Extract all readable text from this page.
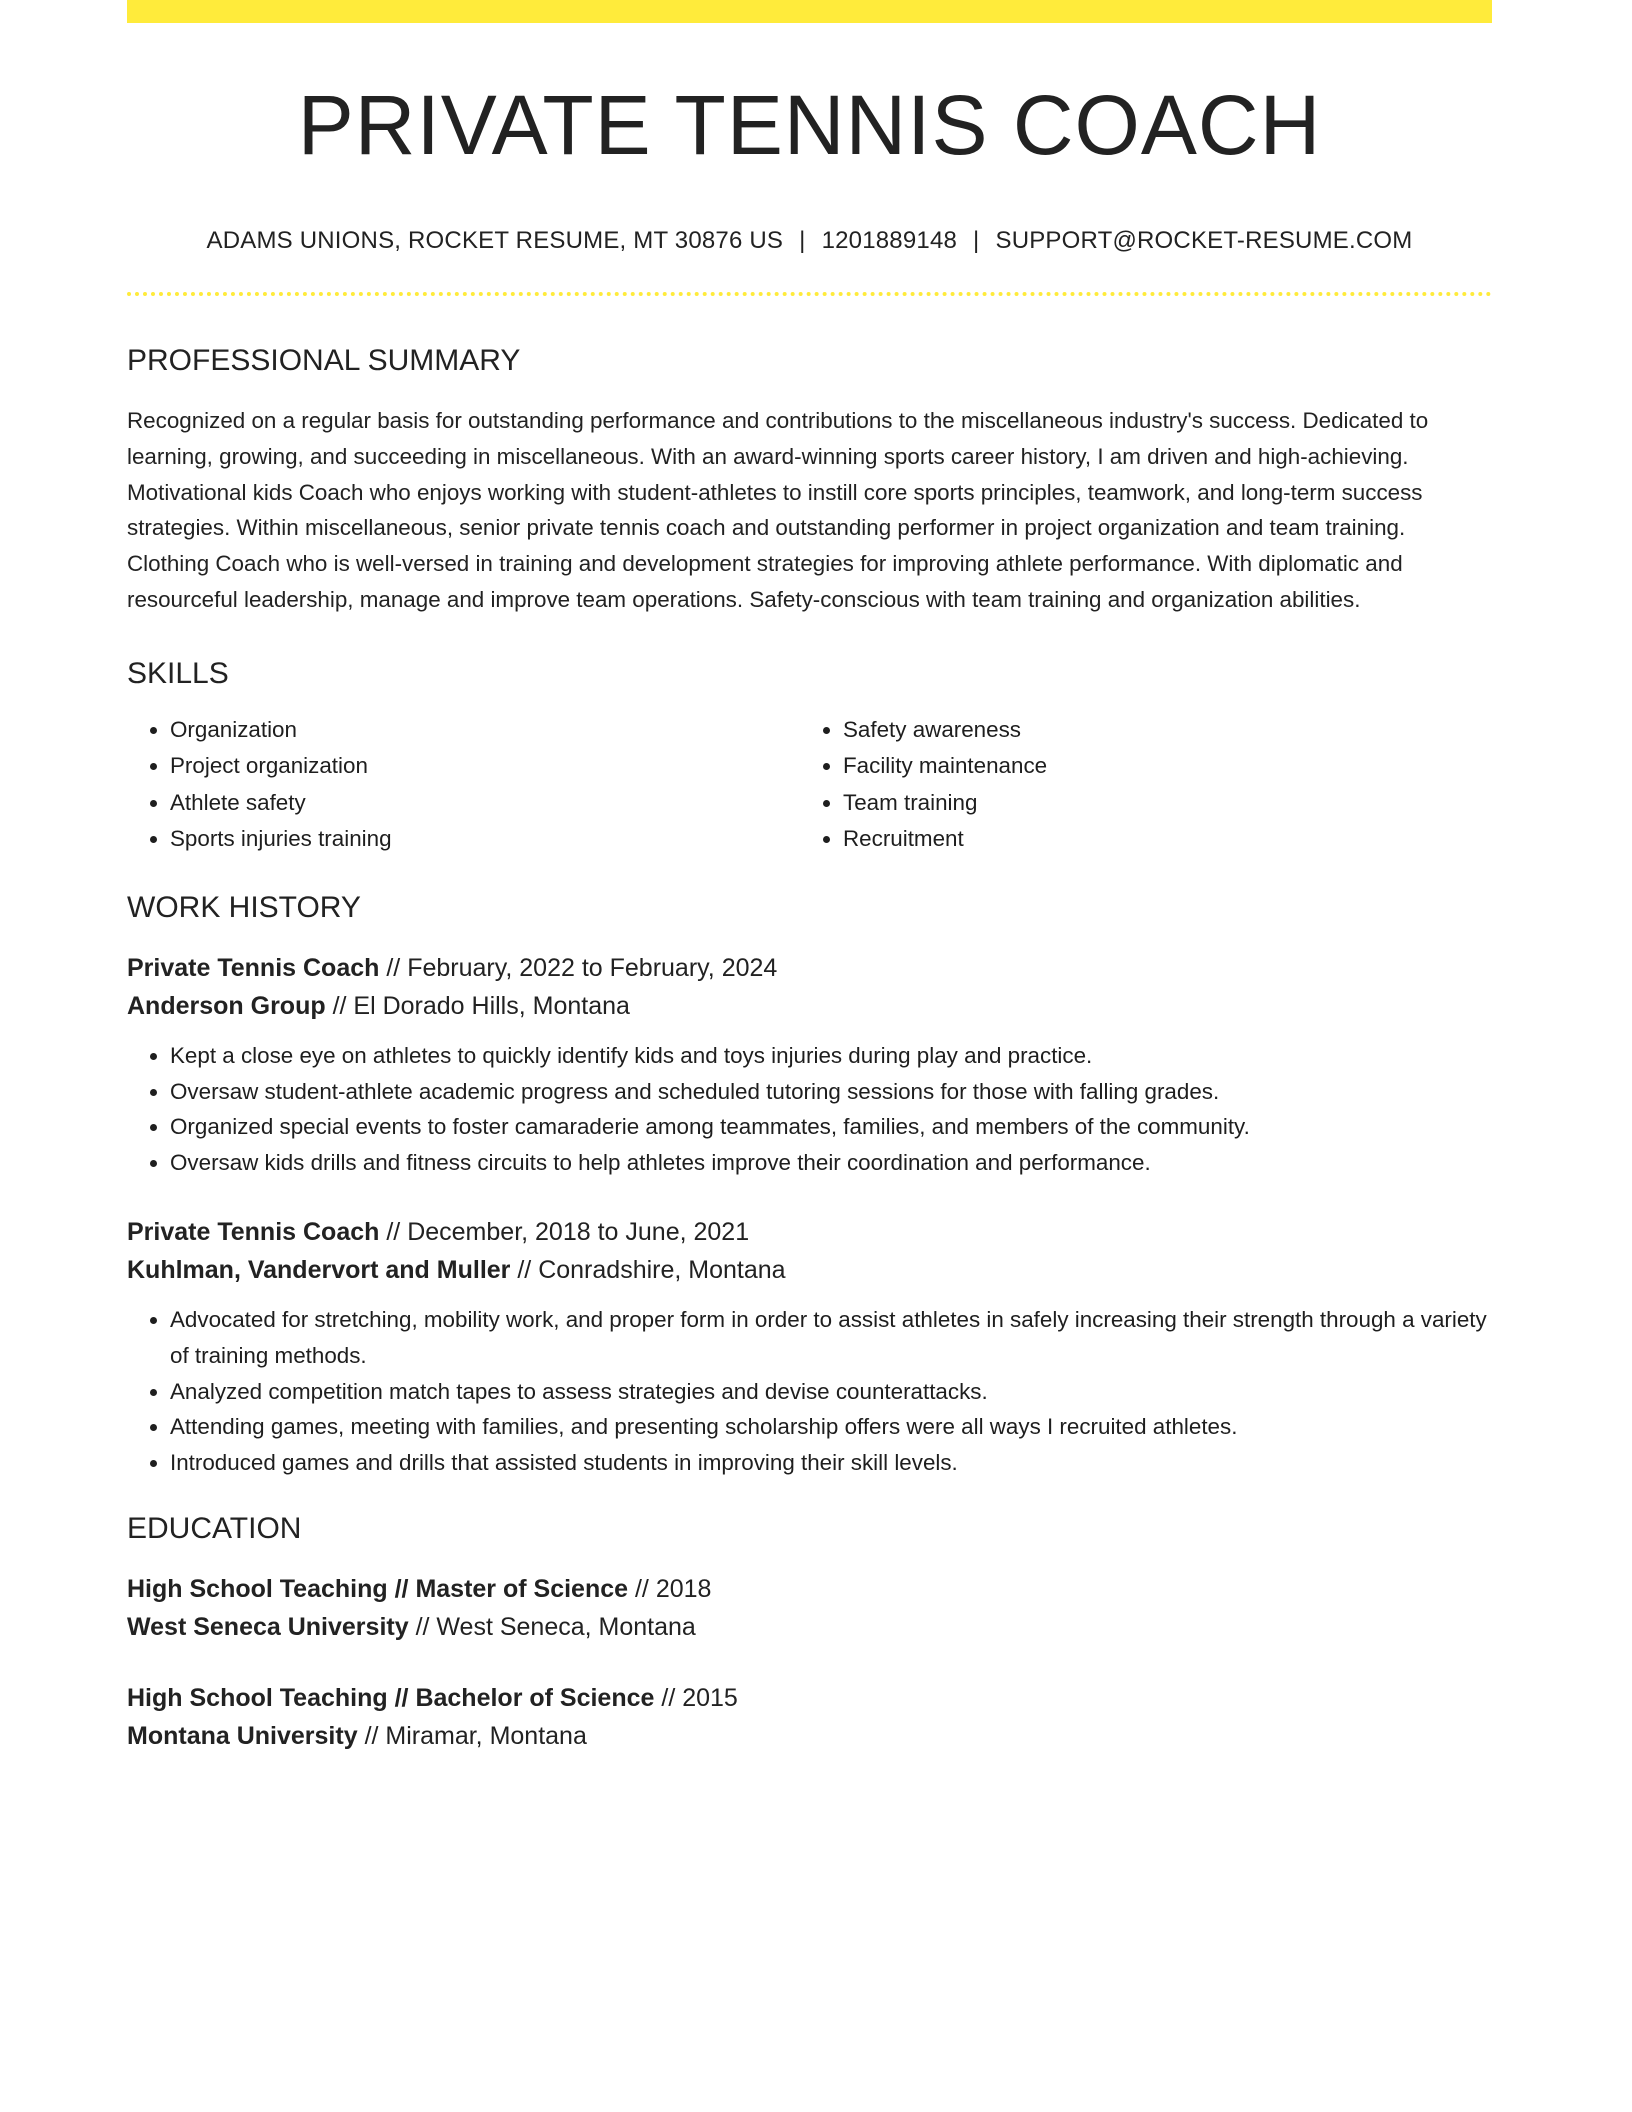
PRIVATE TENNIS COACH
ADAMS UNIONS, ROCKET RESUME, MT 30876 US | 1201889148 | SUPPORT@ROCKET-RESUME.COM
PROFESSIONAL SUMMARY
Recognized on a regular basis for outstanding performance and contributions to the miscellaneous industry's success. Dedicated to learning, growing, and succeeding in miscellaneous. With an award-winning sports career history, I am driven and high-achieving. Motivational kids Coach who enjoys working with student-athletes to instill core sports principles, teamwork, and long-term success strategies. Within miscellaneous, senior private tennis coach and outstanding performer in project organization and team training. Clothing Coach who is well-versed in training and development strategies for improving athlete performance. With diplomatic and resourceful leadership, manage and improve team operations. Safety-conscious with team training and organization abilities.
SKILLS
• Organization
• Project organization
• Athlete safety
• Sports injuries training
• Safety awareness
• Facility maintenance
• Team training
• Recruitment
WORK HISTORY
Private Tennis Coach // February, 2022 to February, 2024
Anderson Group // El Dorado Hills, Montana
• Kept a close eye on athletes to quickly identify kids and toys injuries during play and practice.
• Oversaw student-athlete academic progress and scheduled tutoring sessions for those with falling grades.
• Organized special events to foster camaraderie among teammates, families, and members of the community.
• Oversaw kids drills and fitness circuits to help athletes improve their coordination and performance.
Private Tennis Coach // December, 2018 to June, 2021
Kuhlman, Vandervort and Muller // Conradshire, Montana
• Advocated for stretching, mobility work, and proper form in order to assist athletes in safely increasing their strength through a variety of training methods.
• Analyzed competition match tapes to assess strategies and devise counterattacks.
• Attending games, meeting with families, and presenting scholarship offers were all ways I recruited athletes.
• Introduced games and drills that assisted students in improving their skill levels.
EDUCATION
High School Teaching // Master of Science // 2018
West Seneca University // West Seneca, Montana
High School Teaching // Bachelor of Science // 2015
Montana University // Miramar, Montana
